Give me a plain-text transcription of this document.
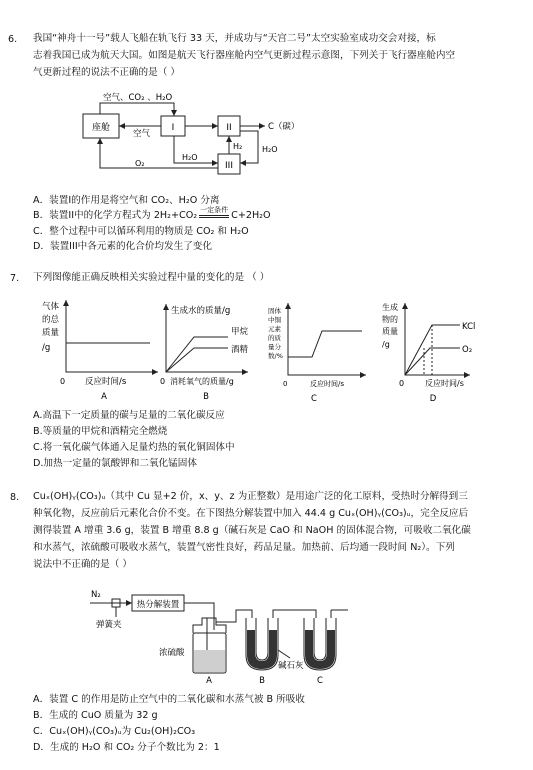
6. 我国“神舟十一号”载人飞船在轨飞行 33 天，并成功与“天宫二号”太空实验室成功交会对接，标
志着我国已成为航天大国。如图是航天飞行器座舱内空气更新过程示意图，下列关于飞行器座舱内空
气更新过程的说法不正确的是（ ）
空气、CO₂ 、H₂O
座舱	I	II
III
空气
C（碳）
H₂
H₂O
H₂O
O₂
A．装置I的作用是将空气和 CO₂、H₂O 分离
B．装置II中的化学方程式为 2H₂+CO₂ 一定条件 C+2H₂O
C．整个过程中可以循环利用的物质是 CO₂ 和 H₂O
D．装置III中各元素的化合价均发生了变化
7. 下列图像能正确反映相关实验过程中量的变化的是 （ ）
气体
的总
质量
/g
0 反应时间/s
A
生成水的质量/g
0 消耗氧气的质量/g
甲烷
酒精
B
固体
中铜
元素
的质
量分
数/%
0	反应时间/s
C
生成
物的
质量
/g
0	反应时间/s
KCl
O₂
D
A.高温下一定质量的碳与足量的二氧化碳反应
B.等质量的甲烷和酒精完全燃烧
C.将一氧化碳气体通入足量灼热的氧化铜固体中
D.加热一定量的氯酸钾和二氧化锰固体
8. Cuₓ(OH)ᵧ(CO₃)ᵤ（其中 Cu 显+2 价，x、y、z 为正整数）是用途广泛的化工原料，受热时分解得到三
种氧化物，反应前后元素化合价不变。在下图热分解装置中加入 44.4 g Cuₓ(OH)ᵧ(CO₃)ᵤ，完全反应后
测得装置 A 增重 3.6 g，装置 B 增重 8.8 g（碱石灰是 CaO 和 NaOH 的固体混合物，可吸收二氧化碳
和水蒸气，浓硫酸可吸收水蒸气，装置气密性良好，药品足量。加热前、后均通一段时间 N₂）。下列
说法中不正确的是（ ）
N₂
热分解装置
弹簧夹
浓硫酸
碱石灰
A	B	C
A．装置 C 的作用是防止空气中的二氧化碳和水蒸气被 B 所吸收
B．生成的 CuO 质量为 32 g
C．Cuₓ(OH)ᵧ(CO₃)ᵤ为 Cu₂(OH)₂CO₃
D．生成的 H₂O 和 CO₂ 分子个数比为 2：1
